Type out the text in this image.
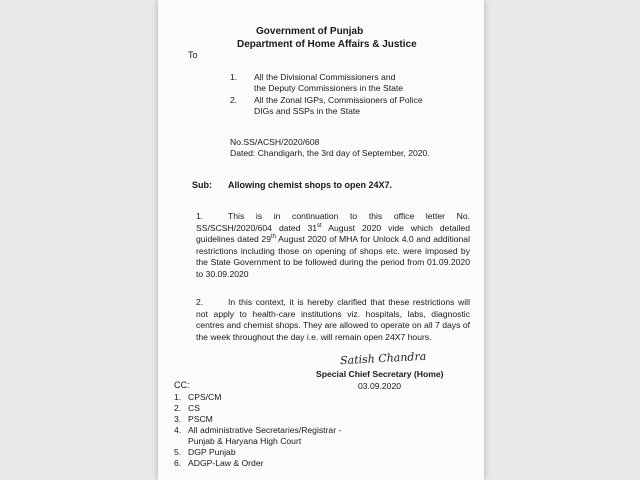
Government of Punjab
Department of Home Affairs & Justice
To
1. All the Divisional Commissioners and
the Deputy Commissioners in the State
2. All the Zonal IGPs, Commissioners of Police
DIGs and SSPs in the State
No.SS/ACSH/2020/608
Dated: Chandigarh, the 3rd day of September, 2020.
Sub: Allowing chemist shops to open 24X7.
1.	This is in continuation to this office letter No. SS/SCSH/2020/604 dated 31st August 2020 vide which detailed guidelines dated 29th August 2020 of MHA for Unlock 4.0 and additional restrictions including those on opening of shops etc. were imposed by the State Government to be followed during the period from 01.09.2020 to 30.09.2020
2.	In this context, it is hereby clarified that these restrictions will not apply to health-care institutions viz. hospitals, labs, diagnostic centres and chemist shops. They are allowed to operate on all 7 days of the week throughout the day i.e. will remain open 24X7 hours.
Satish Chandra
Special Chief Secretary (Home)
03.09.2020
CC:
1. CPS/CM
2. CS
3. PSCM
4. All administrative Secretaries/Registrar -
Punjab & Haryana High Court
5. DGP Punjab
6. ADGP-Law & Order
